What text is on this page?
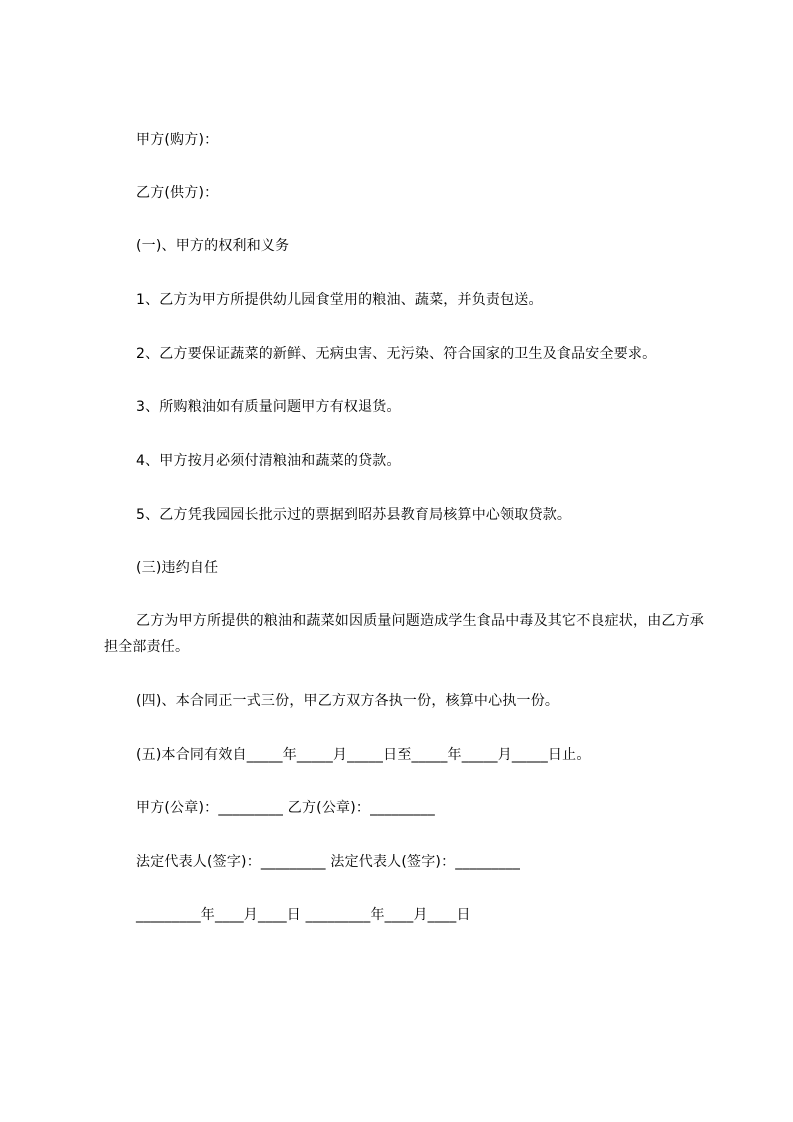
甲方(购方)：
乙方(供方)：
(一)、甲方的权利和义务
1、乙方为甲方所提供幼儿园食堂用的粮油、蔬菜，并负责包送。
2、乙方要保证蔬菜的新鲜、无病虫害、无污染、符合国家的卫生及食品安全要求。
3、所购粮油如有质量问题甲方有权退货。
4、甲方按月必须付清粮油和蔬菜的贷款。
5、乙方凭我园园长批示过的票据到昭苏县教育局核算中心领取贷款。
(三)违约自任
乙方为甲方所提供的粮油和蔬菜如因质量问题造成学生食品中毒及其它不良症状，由乙方承担全部责任。
(四)、本合同正一式三份，甲乙方双方各执一份，核算中心执一份。
(五)本合同有效自_____年_____月_____日至_____年_____月_____日止。
甲方(公章)：_________ 乙方(公章)：_________
法定代表人(签字)：_________ 法定代表人(签字)：_________
_________年____月____日 _________年____月____日
